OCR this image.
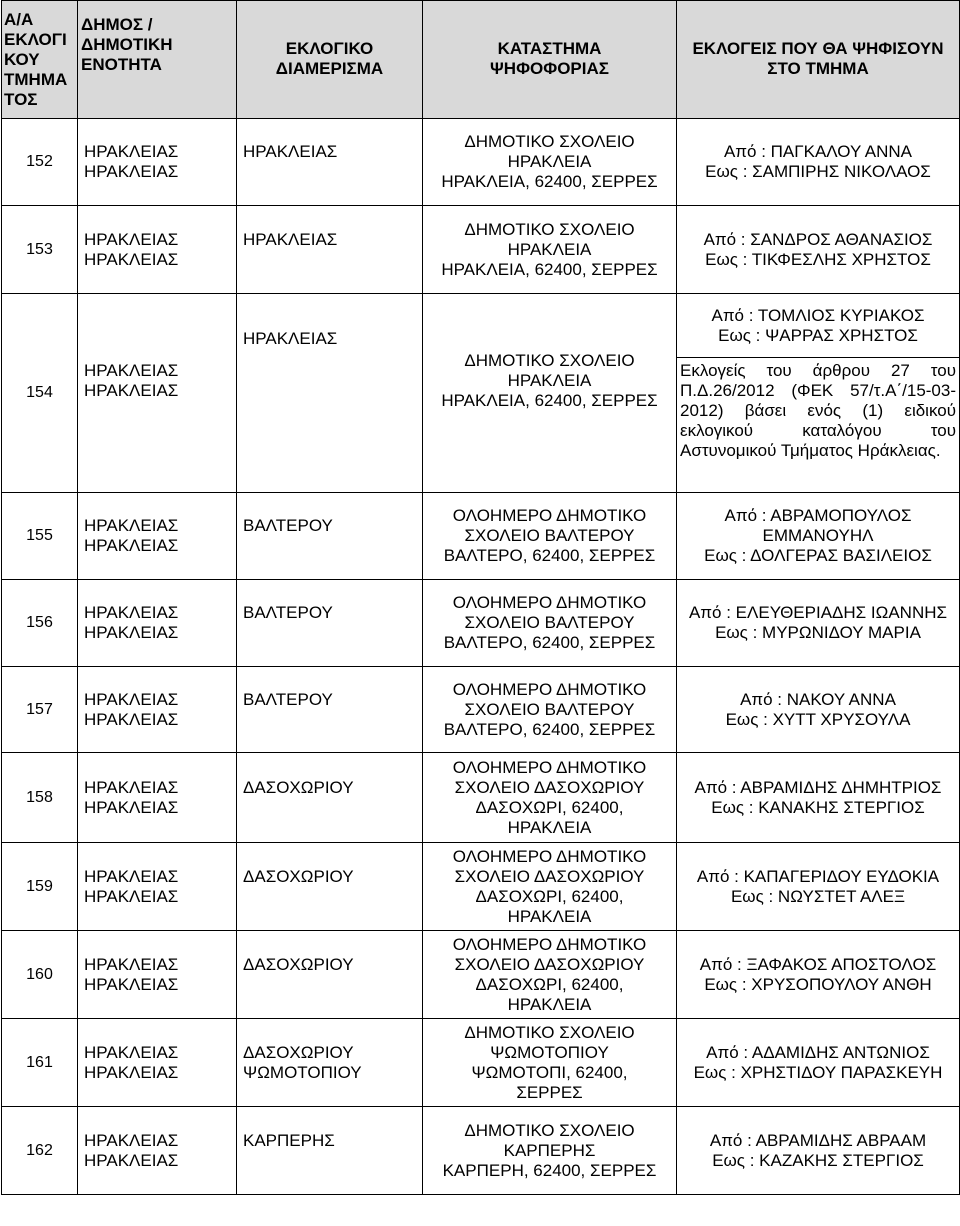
Α/Α
ΕΚΛΟΓΙ
ΚΟΥ
ΤΜΗΜΑ
ΤΟΣ	ΔΗΜΟΣ /
ΔΗΜΟΤΙΚΗ
ΕΝΟΤΗΤΑ	ΕΚΛΟΓΙΚΟ
ΔΙΑΜΕΡΙΣΜΑ	ΚΑΤΑΣΤΗΜΑ
ΨΗΦΟΦΟΡΙΑΣ	ΕΚΛΟΓΕΙΣ ΠΟΥ ΘΑ ΨΗΦΙΣΟΥΝ
ΣΤΟ ΤΜΗΜΑ

152	ΗΡΑΚΛΕΙΑΣ
ΗΡΑΚΛΕΙΑΣ	ΗΡΑΚΛΕΙΑΣ	ΔΗΜΟΤΙΚΟ ΣΧΟΛΕΙΟ
ΗΡΑΚΛΕΙΑ
ΗΡΑΚΛΕΙΑ, 62400, ΣΕΡΡΕΣ	Από : ΠΑΓΚΑΛΟΥ ΑΝΝΑ
Εως : ΣΑΜΠΙΡΗΣ ΝΙΚΟΛΑΟΣ

153	ΗΡΑΚΛΕΙΑΣ
ΗΡΑΚΛΕΙΑΣ	ΗΡΑΚΛΕΙΑΣ	ΔΗΜΟΤΙΚΟ ΣΧΟΛΕΙΟ
ΗΡΑΚΛΕΙΑ
ΗΡΑΚΛΕΙΑ, 62400, ΣΕΡΡΕΣ	Από : ΣΑΝΔΡΟΣ ΑΘΑΝΑΣΙΟΣ
Εως : ΤΙΚΦΕΣΛΗΣ ΧΡΗΣΤΟΣ

154	ΗΡΑΚΛΕΙΑΣ
ΗΡΑΚΛΕΙΑΣ	ΗΡΑΚΛΕΙΑΣ	ΔΗΜΟΤΙΚΟ ΣΧΟΛΕΙΟ
ΗΡΑΚΛΕΙΑ
ΗΡΑΚΛΕΙΑ, 62400, ΣΕΡΡΕΣ	Από : ΤΟΜΛΙΟΣ ΚΥΡΙΑΚΟΣ
Εως : ΨΑΡΡΑΣ ΧΡΗΣΤΟΣ

				Εκλογείς του άρθρου 27 του Π.Δ.26/2012 (ΦΕΚ 57/τ.Α΄/15-03-2012) βάσει ενός (1) ειδικού εκλογικού καταλόγου του Αστυνομικού Τμήματος Ηράκλειας.

155	ΗΡΑΚΛΕΙΑΣ
ΗΡΑΚΛΕΙΑΣ	ΒΑΛΤΕΡΟΥ	ΟΛΟΗΜΕΡΟ ΔΗΜΟΤΙΚΟ
ΣΧΟΛΕΙΟ ΒΑΛΤΕΡΟΥ
ΒΑΛΤΕΡΟ, 62400, ΣΕΡΡΕΣ	Από : ΑΒΡΑΜΟΠΟΥΛΟΣ
ΕΜΜΑΝΟΥΗΛ
Εως : ΔΟΛΓΕΡΑΣ ΒΑΣΙΛΕΙΟΣ

156	ΗΡΑΚΛΕΙΑΣ
ΗΡΑΚΛΕΙΑΣ	ΒΑΛΤΕΡΟΥ	ΟΛΟΗΜΕΡΟ ΔΗΜΟΤΙΚΟ
ΣΧΟΛΕΙΟ ΒΑΛΤΕΡΟΥ
ΒΑΛΤΕΡΟ, 62400, ΣΕΡΡΕΣ	Από : ΕΛΕΥΘΕΡΙΑΔΗΣ ΙΩΑΝΝΗΣ
Εως : ΜΥΡΩΝΙΔΟΥ ΜΑΡΙΑ

157	ΗΡΑΚΛΕΙΑΣ
ΗΡΑΚΛΕΙΑΣ	ΒΑΛΤΕΡΟΥ	ΟΛΟΗΜΕΡΟ ΔΗΜΟΤΙΚΟ
ΣΧΟΛΕΙΟ ΒΑΛΤΕΡΟΥ
ΒΑΛΤΕΡΟ, 62400, ΣΕΡΡΕΣ	Από : ΝΑΚΟΥ ΑΝΝΑ
Εως : ΧΥΤΤ ΧΡΥΣΟΥΛΑ

158	ΗΡΑΚΛΕΙΑΣ
ΗΡΑΚΛΕΙΑΣ	ΔΑΣΟΧΩΡΙΟΥ	ΟΛΟΗΜΕΡΟ ΔΗΜΟΤΙΚΟ
ΣΧΟΛΕΙΟ ΔΑΣΟΧΩΡΙΟΥ
ΔΑΣΟΧΩΡΙ, 62400,
ΗΡΑΚΛΕΙΑ	Από : ΑΒΡΑΜΙΔΗΣ ΔΗΜΗΤΡΙΟΣ
Εως : ΚΑΝΑΚΗΣ ΣΤΕΡΓΙΟΣ

159	ΗΡΑΚΛΕΙΑΣ
ΗΡΑΚΛΕΙΑΣ	ΔΑΣΟΧΩΡΙΟΥ	ΟΛΟΗΜΕΡΟ ΔΗΜΟΤΙΚΟ
ΣΧΟΛΕΙΟ ΔΑΣΟΧΩΡΙΟΥ
ΔΑΣΟΧΩΡΙ, 62400,
ΗΡΑΚΛΕΙΑ	Από : ΚΑΠΑΓΕΡΙΔΟΥ ΕΥΔΟΚΙΑ
Εως : ΝΩΥΣΤΕΤ ΑΛΕΞ

160	ΗΡΑΚΛΕΙΑΣ
ΗΡΑΚΛΕΙΑΣ	ΔΑΣΟΧΩΡΙΟΥ	ΟΛΟΗΜΕΡΟ ΔΗΜΟΤΙΚΟ
ΣΧΟΛΕΙΟ ΔΑΣΟΧΩΡΙΟΥ
ΔΑΣΟΧΩΡΙ, 62400,
ΗΡΑΚΛΕΙΑ	Από : ΞΑΦΑΚΟΣ ΑΠΟΣΤΟΛΟΣ
Εως : ΧΡΥΣΟΠΟΥΛΟΥ ΑΝΘΗ

161	ΗΡΑΚΛΕΙΑΣ
ΗΡΑΚΛΕΙΑΣ	ΔΑΣΟΧΩΡΙΟΥ
ΨΩΜΟΤΟΠΙΟΥ	ΔΗΜΟΤΙΚΟ ΣΧΟΛΕΙΟ
ΨΩΜΟΤΟΠΙΟΥ
ΨΩΜΟΤΟΠΙ, 62400,
ΣΕΡΡΕΣ	Από : ΑΔΑΜΙΔΗΣ ΑΝΤΩΝΙΟΣ
Εως : ΧΡΗΣΤΙΔΟΥ ΠΑΡΑΣΚΕΥΗ

162	ΗΡΑΚΛΕΙΑΣ
ΗΡΑΚΛΕΙΑΣ	ΚΑΡΠΕΡΗΣ	ΔΗΜΟΤΙΚΟ ΣΧΟΛΕΙΟ
ΚΑΡΠΕΡΗΣ
ΚΑΡΠΕΡΗ, 62400, ΣΕΡΡΕΣ	Από : ΑΒΡΑΜΙΔΗΣ ΑΒΡΑΑΜ
Εως : ΚΑΖΑΚΗΣ ΣΤΕΡΓΙΟΣ
